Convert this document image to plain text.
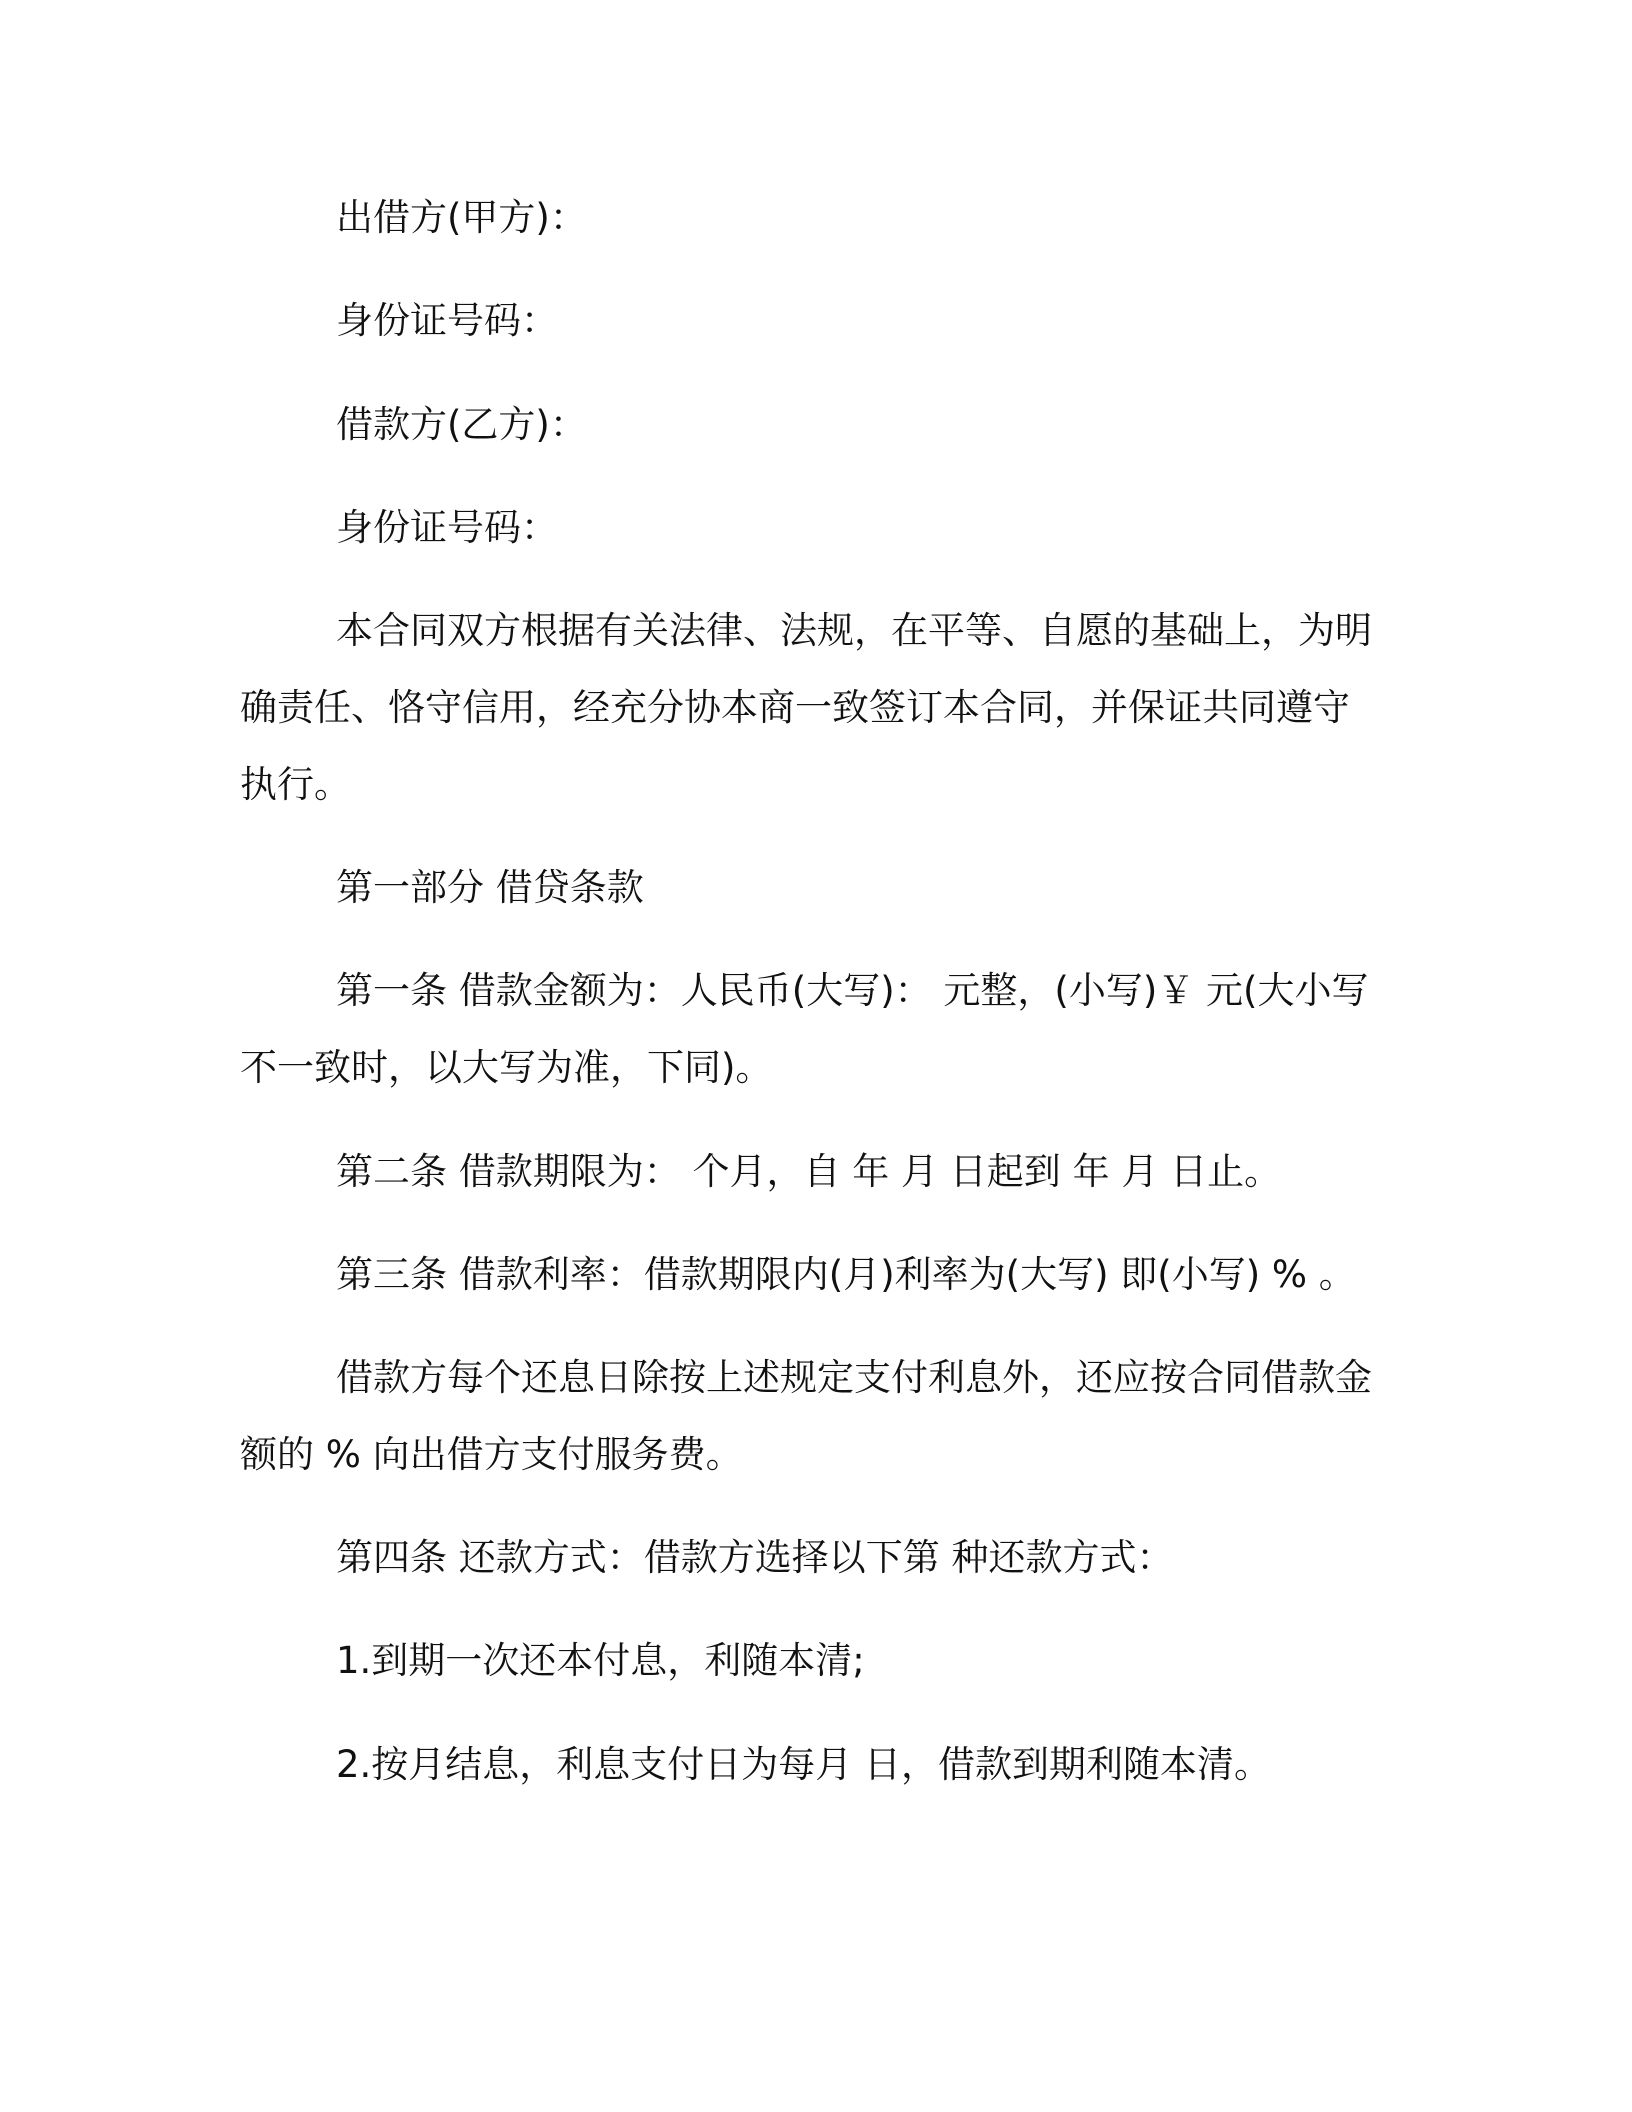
出借方(甲方)：
身份证号码：
借款方(乙方)：
身份证号码：
本合同双方根据有关法律、法规，在平等、自愿的基础上，为明
确责任、恪守信用，经充分协本商一致签订本合同，并保证共同遵守
执行。
第一部分 借贷条款
第一条 借款金额为：人民币(大写)： 元整，(小写)￥ 元(大小写
不一致时，以大写为准，下同)。
第二条 借款期限为： 个月，自 年 月 日起到 年 月 日止。
第三条 借款利率：借款期限内(月)利率为(大写) 即(小写) % 。
借款方每个还息日除按上述规定支付利息外，还应按合同借款金
额的 % 向出借方支付服务费。
第四条 还款方式：借款方选择以下第 种还款方式：
1.到期一次还本付息，利随本清;
2.按月结息，利息支付日为每月 日，借款到期利随本清。
